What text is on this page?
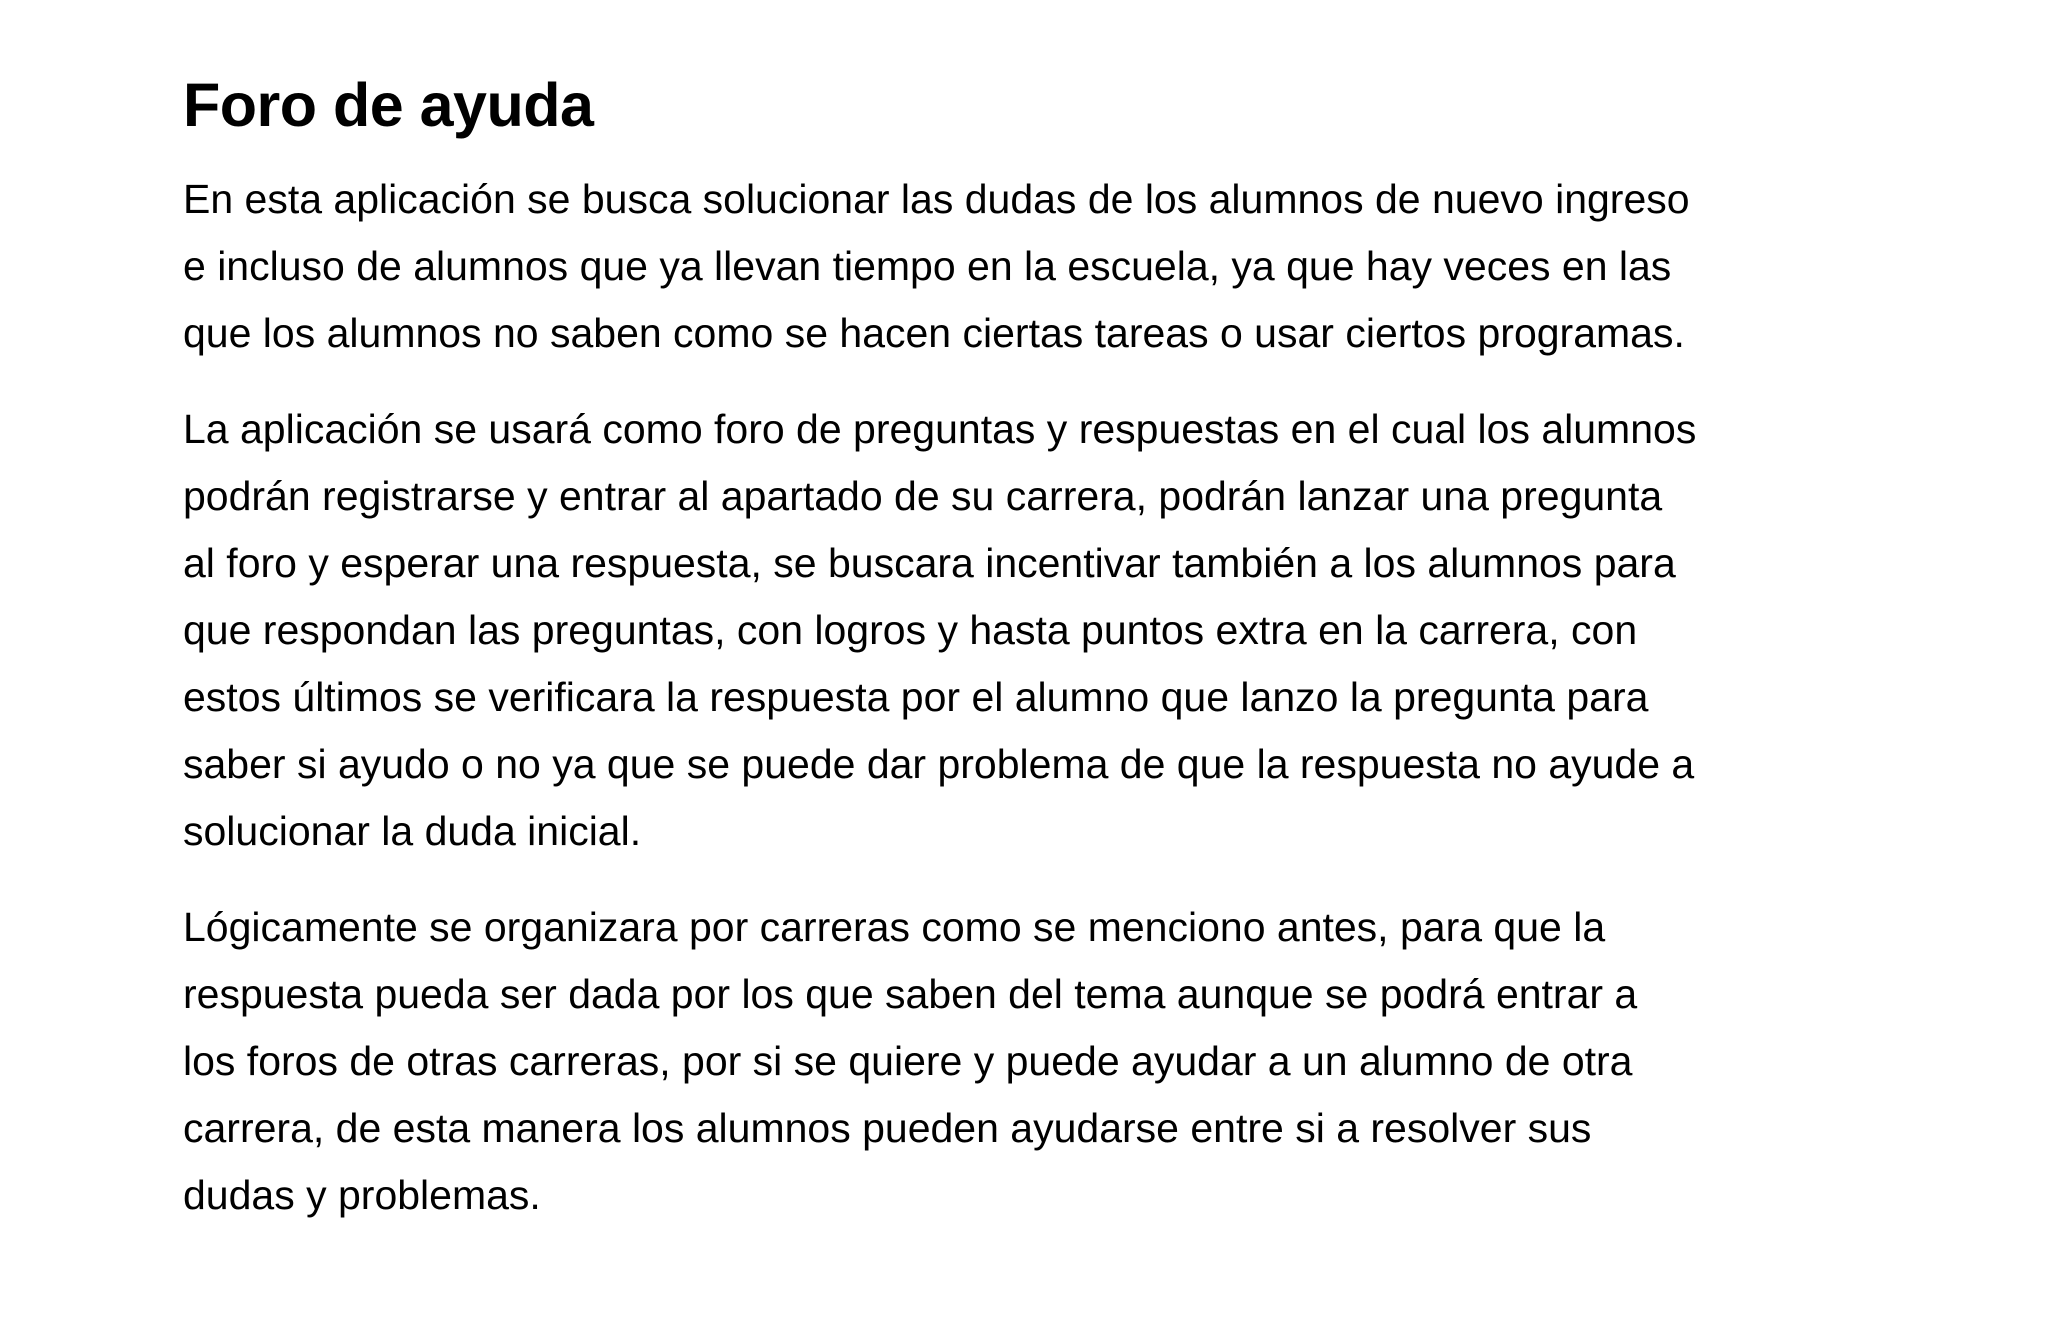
Foro de ayuda

En esta aplicación se busca solucionar las dudas de los alumnos de nuevo ingreso
e incluso de alumnos que ya llevan tiempo en la escuela, ya que hay veces en las
que los alumnos no saben como se hacen ciertas tareas o usar ciertos programas.

La aplicación se usará como foro de preguntas y respuestas en el cual los alumnos
podrán registrarse y entrar al apartado de su carrera, podrán lanzar una pregunta
al foro y esperar una respuesta, se buscara incentivar también a los alumnos para
que respondan las preguntas, con logros y hasta puntos extra en la carrera, con
estos últimos se verificara la respuesta por el alumno que lanzo la pregunta para
saber si ayudo o no ya que se puede dar problema de que la respuesta no ayude a
solucionar la duda inicial.

Lógicamente se organizara por carreras como se menciono antes, para que la
respuesta pueda ser dada por los que saben del tema aunque se podrá entrar a
los foros de otras carreras, por si se quiere y puede ayudar a un alumno de otra
carrera, de esta manera los alumnos pueden ayudarse entre si a resolver sus
dudas y problemas.
